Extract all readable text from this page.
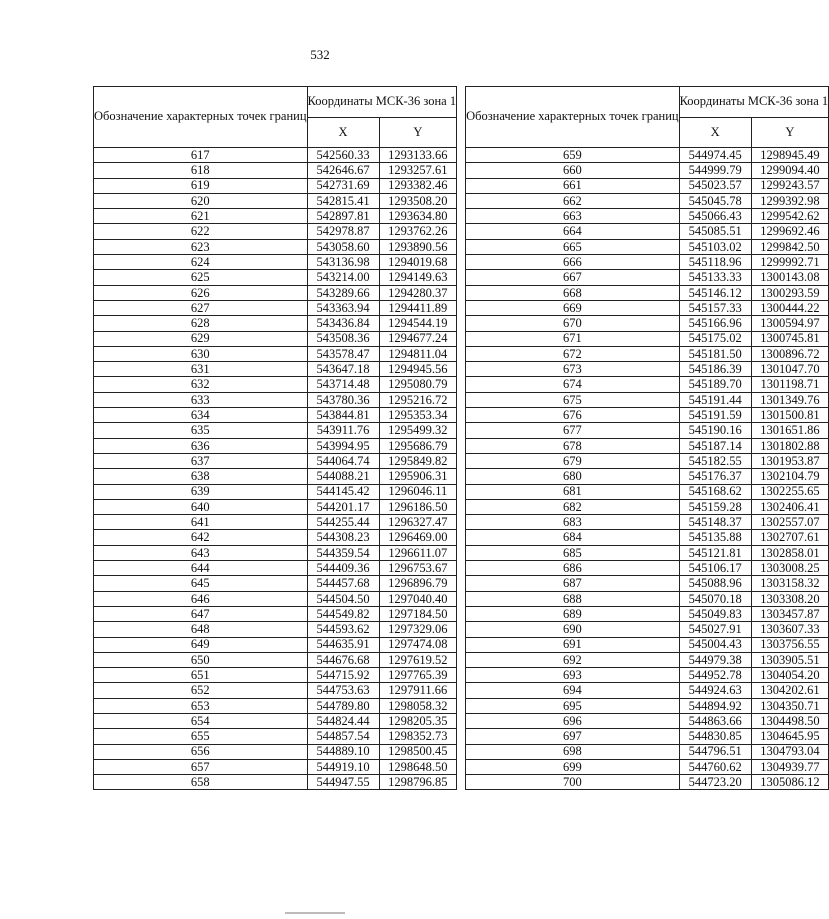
532
Обозначение характерных точек границ	Координаты МСК-36 зона 1	
	X	Y
617	542560.33	1293133.66
618	542646.67	1293257.61
619	542731.69	1293382.46
620	542815.41	1293508.20
621	542897.81	1293634.80
622	542978.87	1293762.26
623	543058.60	1293890.56
624	543136.98	1294019.68
625	543214.00	1294149.63
626	543289.66	1294280.37
627	543363.94	1294411.89
628	543436.84	1294544.19
629	543508.36	1294677.24
630	543578.47	1294811.04
631	543647.18	1294945.56
632	543714.48	1295080.79
633	543780.36	1295216.72
634	543844.81	1295353.34
635	543911.76	1295499.32
636	543994.95	1295686.79
637	544064.74	1295849.82
638	544088.21	1295906.31
639	544145.42	1296046.11
640	544201.17	1296186.50
641	544255.44	1296327.47
642	544308.23	1296469.00
643	544359.54	1296611.07
644	544409.36	1296753.67
645	544457.68	1296896.79
646	544504.50	1297040.40
647	544549.82	1297184.50
648	544593.62	1297329.06
649	544635.91	1297474.08
650	544676.68	1297619.52
651	544715.92	1297765.39
652	544753.63	1297911.66
653	544789.80	1298058.32
654	544824.44	1298205.35
655	544857.54	1298352.73
656	544889.10	1298500.45
657	544919.10	1298648.50
658	544947.55	1298796.85
Обозначение характерных точек границ	Координаты МСК-36 зона 1	
	X	Y
659	544974.45	1298945.49
660	544999.79	1299094.40
661	545023.57	1299243.57
662	545045.78	1299392.98
663	545066.43	1299542.62
664	545085.51	1299692.46
665	545103.02	1299842.50
666	545118.96	1299992.71
667	545133.33	1300143.08
668	545146.12	1300293.59
669	545157.33	1300444.22
670	545166.96	1300594.97
671	545175.02	1300745.81
672	545181.50	1300896.72
673	545186.39	1301047.70
674	545189.70	1301198.71
675	545191.44	1301349.76
676	545191.59	1301500.81
677	545190.16	1301651.86
678	545187.14	1301802.88
679	545182.55	1301953.87
680	545176.37	1302104.79
681	545168.62	1302255.65
682	545159.28	1302406.41
683	545148.37	1302557.07
684	545135.88	1302707.61
685	545121.81	1302858.01
686	545106.17	1303008.25
687	545088.96	1303158.32
688	545070.18	1303308.20
689	545049.83	1303457.87
690	545027.91	1303607.33
691	545004.43	1303756.55
692	544979.38	1303905.51
693	544952.78	1304054.20
694	544924.63	1304202.61
695	544894.92	1304350.71
696	544863.66	1304498.50
697	544830.85	1304645.95
698	544796.51	1304793.04
699	544760.62	1304939.77
700	544723.20	1305086.12
